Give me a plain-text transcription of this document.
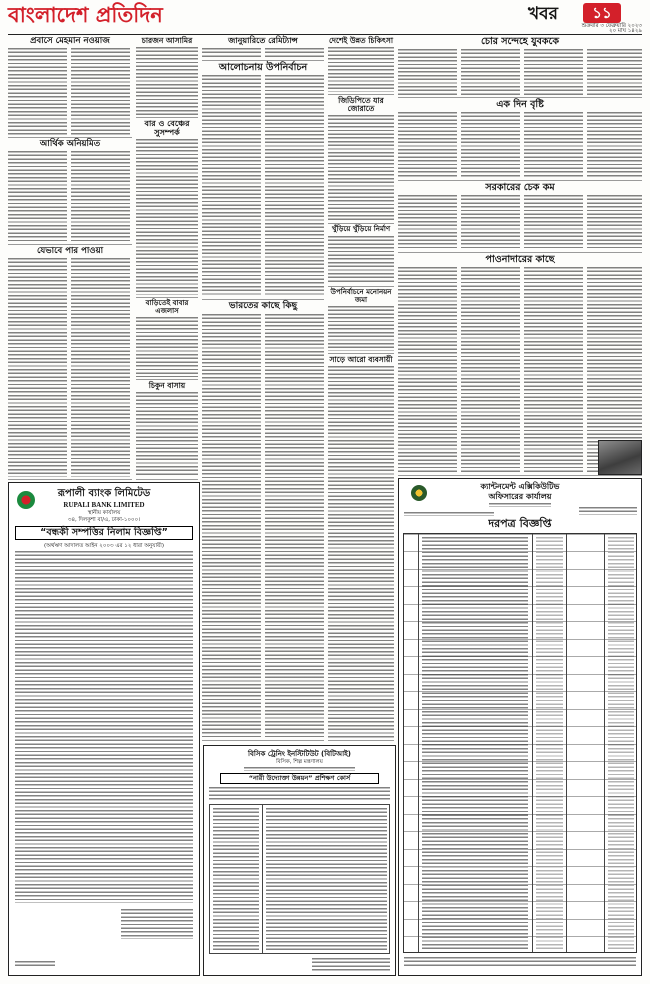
বাংলাদেশ প্রতিদিন	খবর	১১
শুক্রবার ৩ ফেব্রুয়ারি ২০২৩
২০ মাঘ ১৪২৯
প্রবাসে মেহমান নওয়াজ
আর্থিক অনিয়মিত
যেভাবে পার পাওয়া
চারজন আসামির
বার ও বেঞ্চের সুসম্পর্ক
বাড়িতেই বাবার এজলাস
চিকুন বাসায়
জানুয়ারিতে রেমিট্যান্স
আলোচনায় উপনির্বাচন
ভারতের কাছে কিছু
দেশেই উন্নত চিকিৎসা
জিডিপিতে যার জোরাতে
খুঁড়িয়ে খুঁড়িয়ে নির্মাণ
উপনির্বাচনে মনোনয়ন জমা
সাড়ে আরো ব্যবসায়ী
চোর সন্দেহে যুবককে
এক দিন বৃষ্টি
সরকারের চেক কম
পাওনাদারের কাছে
রূপালী ব্যাংক লিমিটেড
RUPALI BANK LIMITED
স্থানীয় কার্যালয়
৩৪, দিলকুশা বা/এ, ঢাকা-১০০০।
“বন্ধকী সম্পত্তির নিলাম বিজ্ঞপ্তি”
(অর্থঋণ আদালত আইন ২০০৩ এর ১২ ধারা অনুযায়ী)
বিসিক ট্রেনিং ইনস্টিটিউট (বিটিআই)
বিসিক, শিল্প মন্ত্রণালয়
“নারী উদ্যোক্তা উন্নয়ন” প্রশিক্ষণ কোর্স
ক্যান্টনমেন্ট এক্সিকিউটিভ
অফিসারের কার্যালয়
দরপত্র বিজ্ঞপ্তি
